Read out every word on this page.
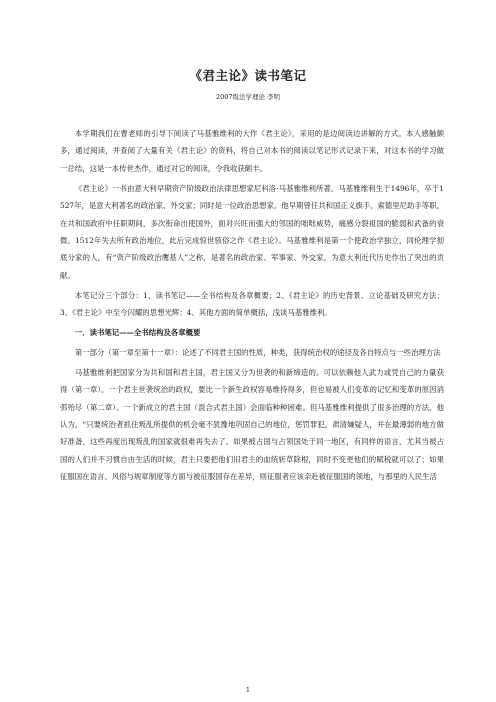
《君主论》读书笔记
2007级法学理论 李明

本学期我们在曹老师的引导下阅读了马基雅维利的大作《君主论》，采用的是边阅读边讲解的方式。本人感触颇多，通过阅读，并查阅了大量有关《君主论》的资料，将自己对本书的阅读以笔记形式记录下来，对这本书的学习做一总结，这是一本传世杰作，通过对它的阅读，令我收获颇丰。

《君主论》一书由意大利早期资产阶级政治法律思想家尼科洛·马基雅维利所著。马基雅维利生于1496年，卒于1527年，是意大利著名的政治家、外交家；同时是一位政治思想家。他早期曾任共和国正义旗手、索德里尼助手等职，在共和国政府中任职期间，多次衔命出使国外，面对兴旺而强大的邻国的咄咄威势，痛感分裂祖国的脆弱和武备的衰微。1512年失去所有政治地位，此后完成惊世骇俗之作《君主论》。马基雅维利是第一个使政治学独立，同伦理学彻底分家的人，有“资产阶级政治鹰基人”之称，是著名的政治家、军事家、外交家，为意大利近代历史作出了突出的贡献。

本笔记分三个部分：1、读书笔记——全书结构及各章概要；2、《君主论》的历史背景、立论基础及研究方法；3、《君主论》中至今闪耀的思想光辉；4、其他方面的简单概括，浅谈马基雅维利。

一．读书笔记——全书结构及各章概要

第一部分（第一章至第十一章）：论述了不同君主国的性质，种类，获得统治权的途径及各自特点与一些治理方法

马基雅维利把国家分为共和国和君主国，君主国又分为世袭的和新缔造的。可以依赖他人武力或凭自己的力量获得（第一章）。一个君主世袭统治的政权，要比一个新生政权容易维持得多，但也易被人们变革的记忆和变革的原因消弭殆尽（第二章）。一个新成立的君主国（混合式君主国）会面临种种困难。但马基雅维利提供了很多治理的方法。他认为，“只要统治者抓住叛乱所提供的机会毫不犹豫地巩固自己的地位，惩罚罪犯，肃清嫌疑人，并在最薄弱的地方做好准备，这些再度出现叛乱的国家就很难再失去了。如果被占国与占领国处于同一地区，有同样的语言，尤其当被占国的人们并不习惯自由生活的时候，君主只要把他们旧君主的血统斩草除根，同时不变更他们的赋税就可以了；如果征服国在语言、风俗与规章制度等方面与被征服国存在差异，则征服者应该亲赴被征服国的领地，与那里的人民生活

1
